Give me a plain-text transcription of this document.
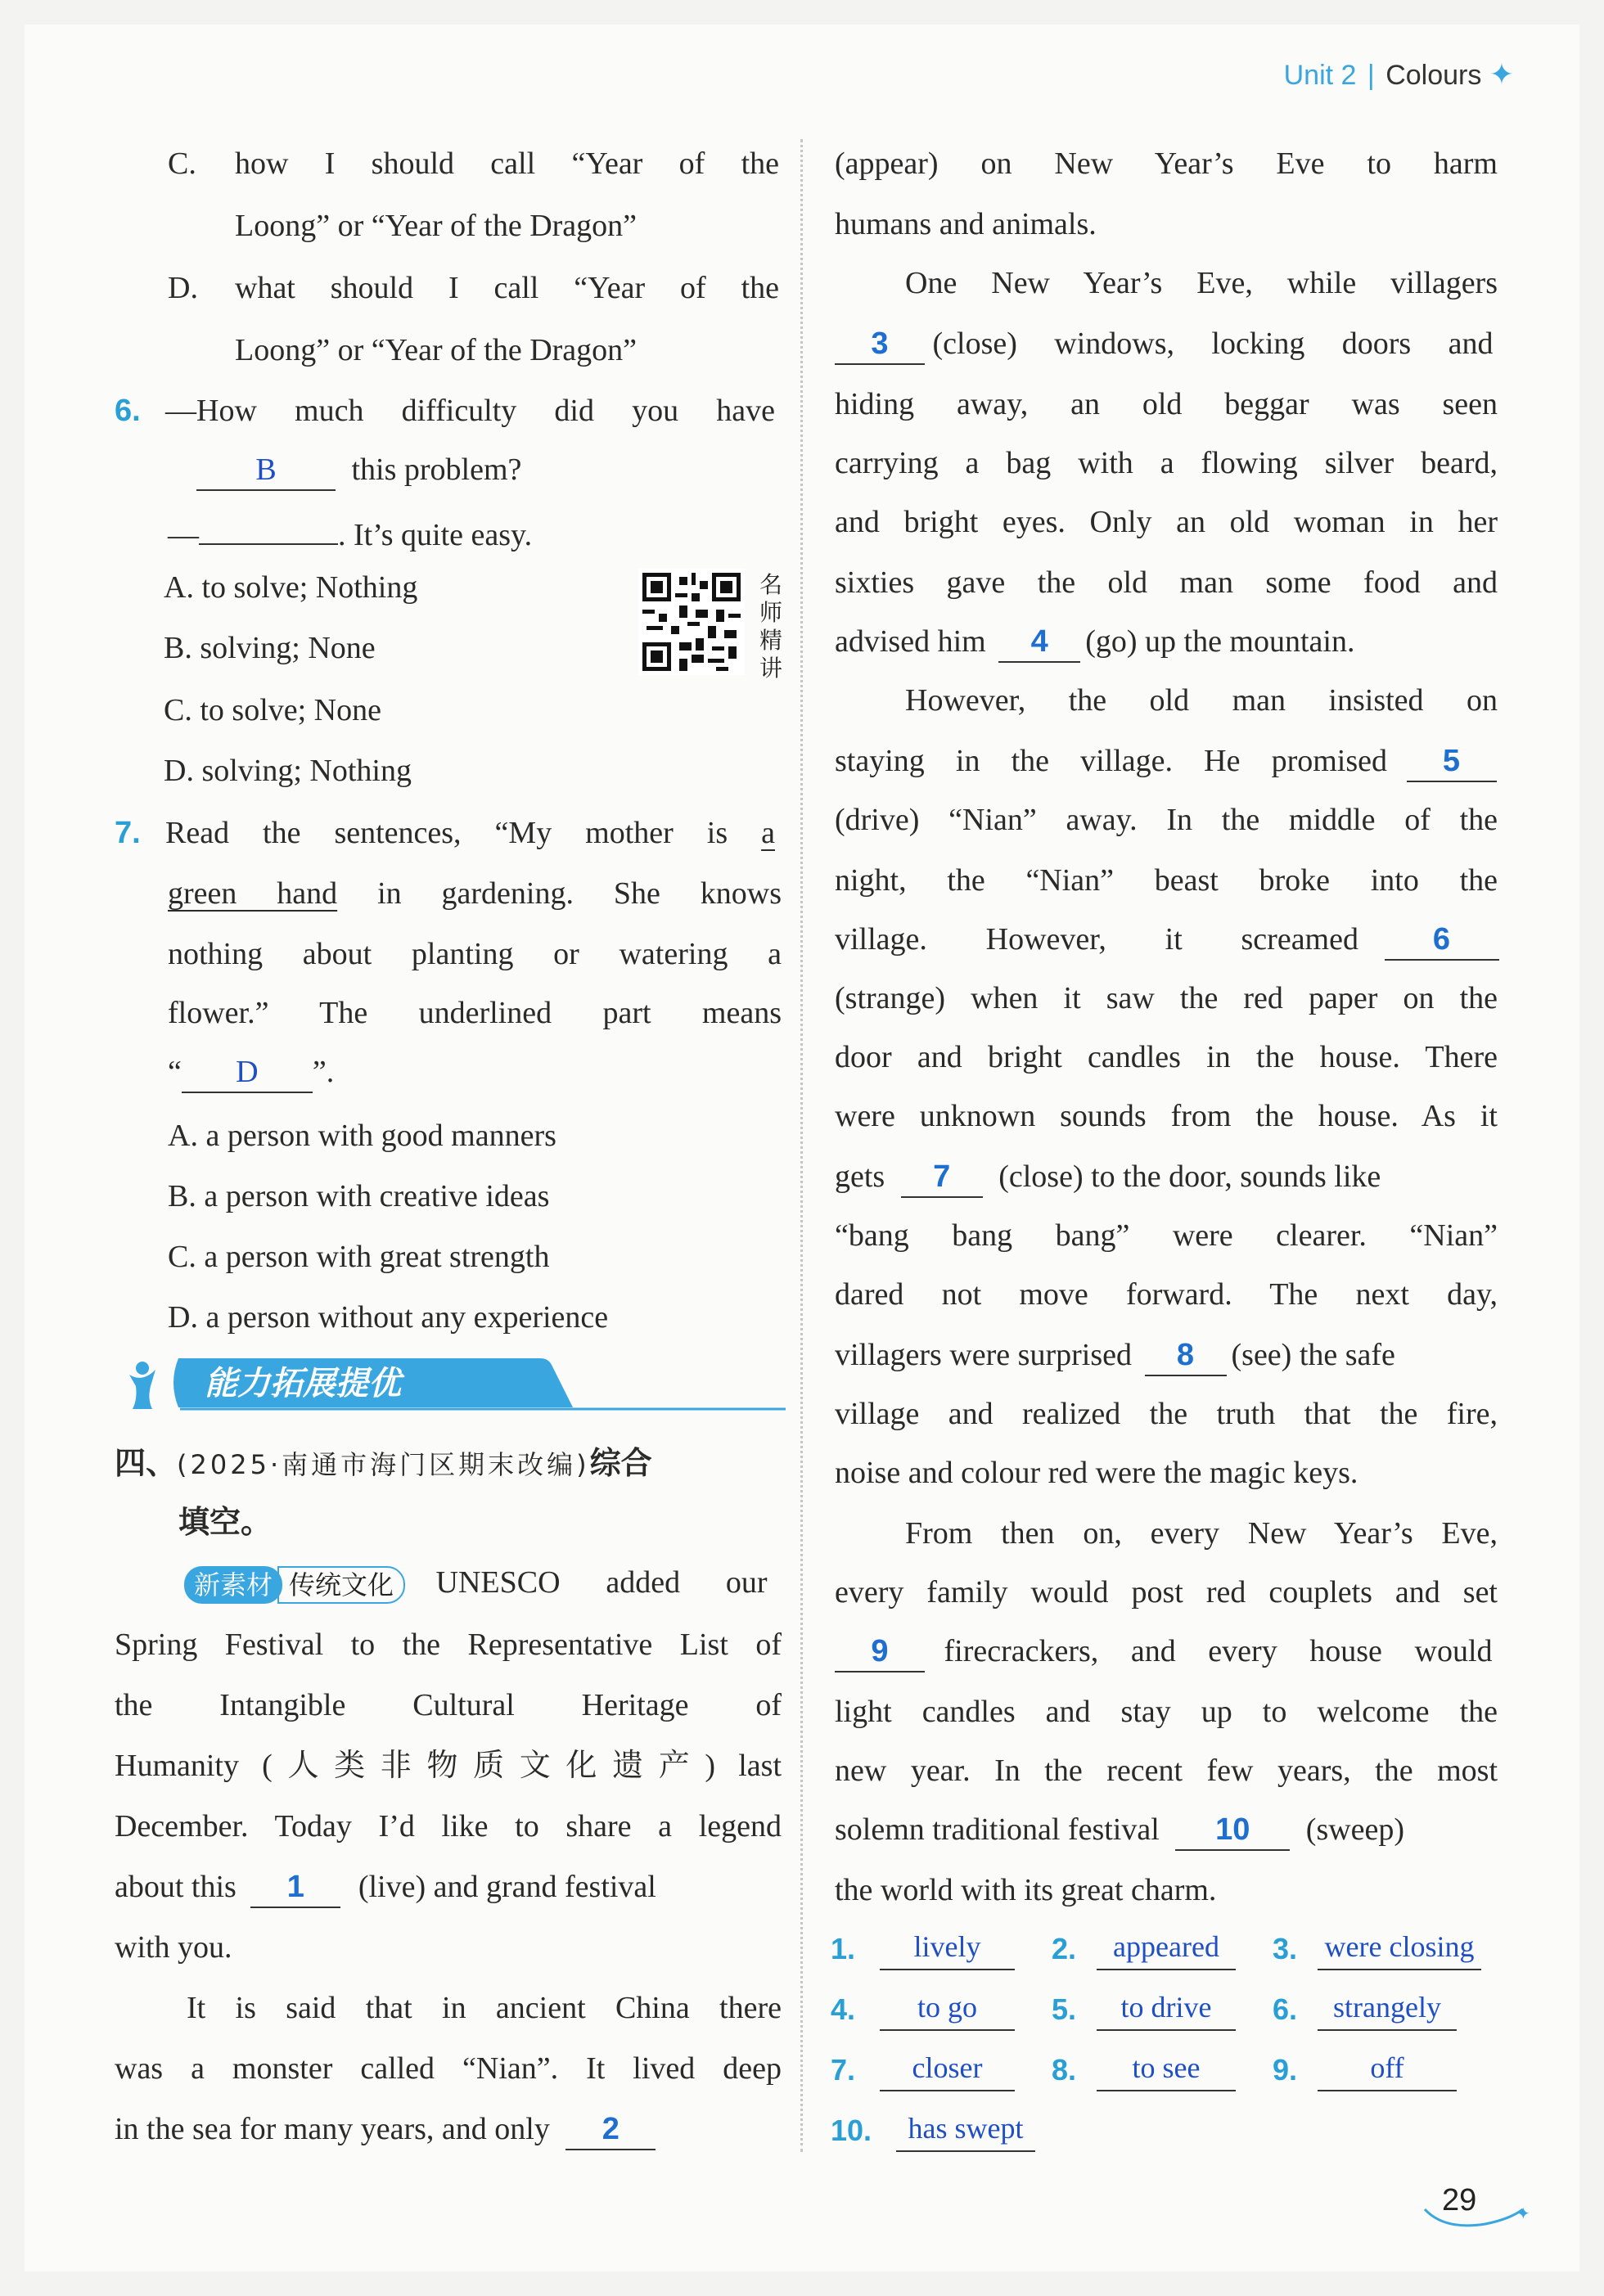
Unit 2 | Colours ✦
C. how I should call “Year of the
Loong” or “Year of the Dragon”
D. what should I call “Year of the
Loong” or “Year of the Dragon”
6. —How much difficulty did you have
B this problem?
—	. It’s quite easy.
A. to solve; Nothing
B. solving; None
C. to solve; None
D. solving; Nothing
名师精讲
7. Read the sentences, “My mother is a
green hand in gardening. She knows
nothing about planting or watering a
flower.” The underlined part means
“ D ”.
A. a person with good manners
B. a person with creative ideas
C. a person with great strength
D. a person without any experience
能力拓展提优
四、(2025·南通市海门区期末改编)综合
填空。
新素材 传统文化 UNESCO added our
Spring Festival to the Representative List of
the Intangible Cultural Heritage of
Humanity (人类非物质文化遗产) last
December. Today I’d like to share a legend
about this 1 (live) and grand festival
with you.
It is said that in ancient China there
was a monster called “Nian”. It lived deep
in the sea for many years, and only 2
(appear) on New Year’s Eve to harm
humans and animals.
One New Year’s Eve, while villagers
3 (close) windows, locking doors and
hiding away, an old beggar was seen
carrying a bag with a flowing silver beard,
and bright eyes. Only an old woman in her
sixties gave the old man some food and
advised him 4 (go) up the mountain.
However, the old man insisted on
staying in the village. He promised 5
(drive) “Nian” away. In the middle of the
night, the “Nian” beast broke into the
village. However, it screamed 6
(strange) when it saw the red paper on the
door and bright candles in the house. There
were unknown sounds from the house. As it
gets 7 (close) to the door, sounds like
“bang bang bang” were clearer. “Nian”
dared not move forward. The next day,
villagers were surprised 8 (see) the safe
village and realized the truth that the fire,
noise and colour red were the magic keys.
From then on, every New Year’s Eve,
every family would post red couplets and set
9 firecrackers, and every house would
light candles and stay up to welcome the
new year. In the recent few years, the most
solemn traditional festival 10 (sweep)
the world with its great charm.
1.	lively	2.	appeared	3. were closing
4.	to go	5.	to drive	6.	strangely
7.	closer	8.	to see	9.	off
10.	has swept
✦
29
